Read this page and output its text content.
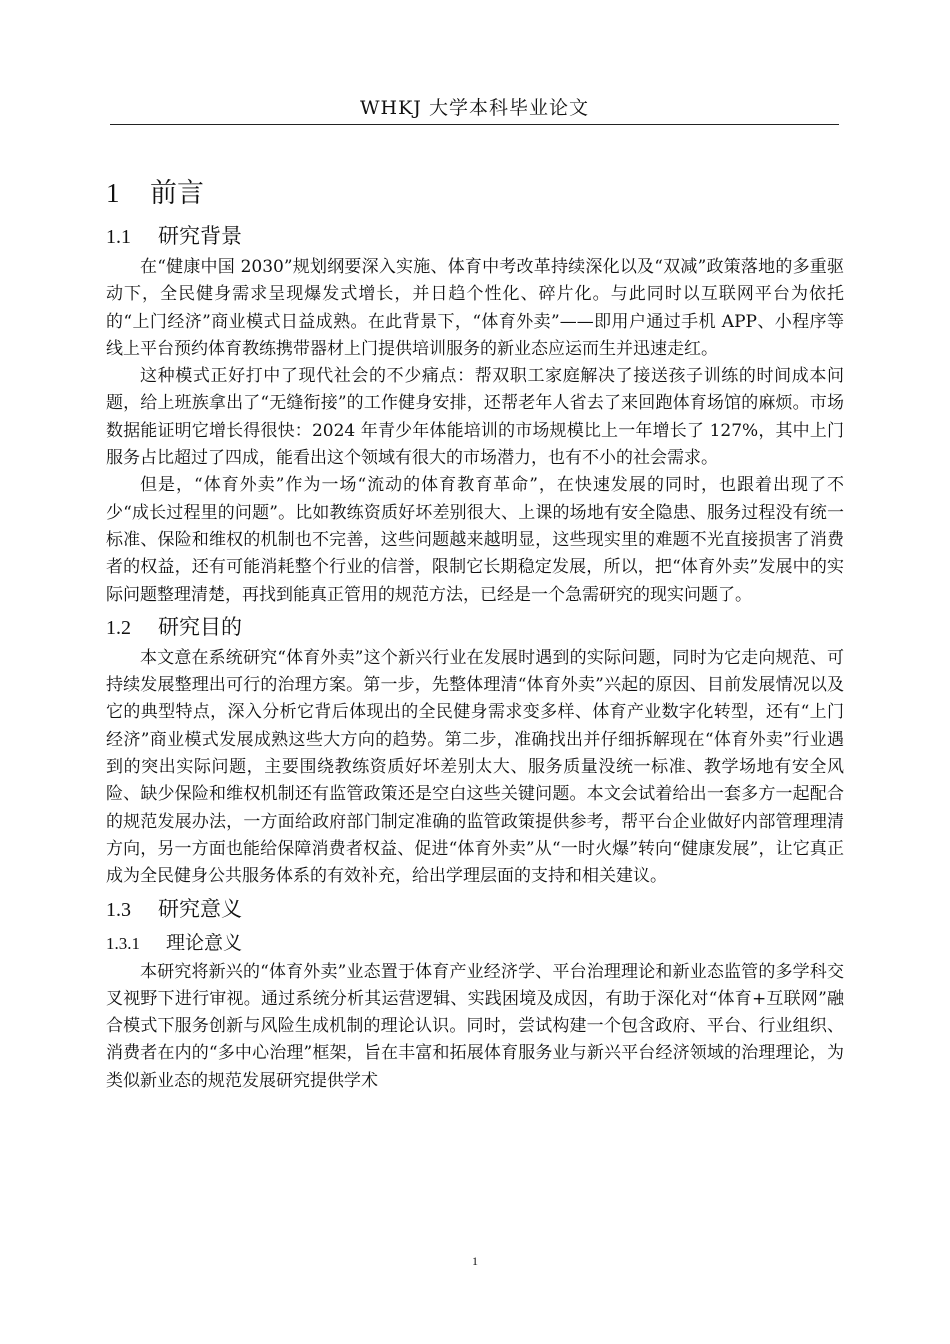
WHKJ 大学本科毕业论文
1 前言
1.1 研究背景

在“健康中国 2030”规划纲要深入实施、体育中考改革持续深化以及“双减”政策落地的多重驱动下，全民健身需求呈现爆发式增长，并日趋个性化、碎片化。与此同时以互联网平台为依托的“上门经济”商业模式日益成熟。在此背景下，“体育外卖”——即用户通过手机 APP、小程序等线上平台预约体育教练携带器材上门提供培训服务的新业态应运而生并迅速走红。

这种模式正好打中了现代社会的不少痛点：帮双职工家庭解决了接送孩子训练的时间成本问题，给上班族拿出了“无缝衔接”的工作健身安排，还帮老年人省去了来回跑体育场馆的麻烦。市场数据能证明它增长得很快：2024 年青少年体能培训的市场规模比上一年增长了 127%，其中上门服务占比超过了四成，能看出这个领域有很大的市场潜力，也有不小的社会需求。

但是，“体育外卖”作为一场“流动的体育教育革命”，在快速发展的同时，也跟着出现了不少“成长过程里的问题”。比如教练资质好坏差别很大、上课的场地有安全隐患、服务过程没有统一标准、保险和维权的机制也不完善，这些问题越来越明显，这些现实里的难题不光直接损害了消费者的权益，还有可能消耗整个行业的信誉，限制它长期稳定发展，所以，把“体育外卖”发展中的实际问题整理清楚，再找到能真正管用的规范方法，已经是一个急需研究的现实问题了。

1.2 研究目的

本文意在系统研究“体育外卖”这个新兴行业在发展时遇到的实际问题，同时为它走向规范、可持续发展整理出可行的治理方案。第一步，先整体理清“体育外卖”兴起的原因、目前发展情况以及它的典型特点，深入分析它背后体现出的全民健身需求变多样、体育产业数字化转型，还有“上门经济”商业模式发展成熟这些大方向的趋势。第二步，准确找出并仔细拆解现在“体育外卖”行业遇到的突出实际问题，主要围绕教练资质好坏差别太大、服务质量没统一标准、教学场地有安全风险、缺少保险和维权机制还有监管政策还是空白这些关键问题。本文会试着给出一套多方一起配合的规范发展办法，一方面给政府部门制定准确的监管政策提供参考，帮平台企业做好内部管理理清方向，另一方面也能给保障消费者权益、促进“体育外卖”从“一时火爆”转向“健康发展”，让它真正成为全民健身公共服务体系的有效补充，给出学理层面的支持和相关建议。

1.3 研究意义
1.3.1 理论意义

本研究将新兴的“体育外卖”业态置于体育产业经济学、平台治理理论和新业态监管的多学科交叉视野下进行审视。通过系统分析其运营逻辑、实践困境及成因，有助于深化对“体育+互联网”融合模式下服务创新与风险生成机制的理论认识。同时，尝试构建一个包含政府、平台、行业组织、消费者在内的“多中心治理”框架，旨在丰富和拓展体育服务业与新兴平台经济领域的治理理论，为类似新业态的规范发展研究提供学术

1
